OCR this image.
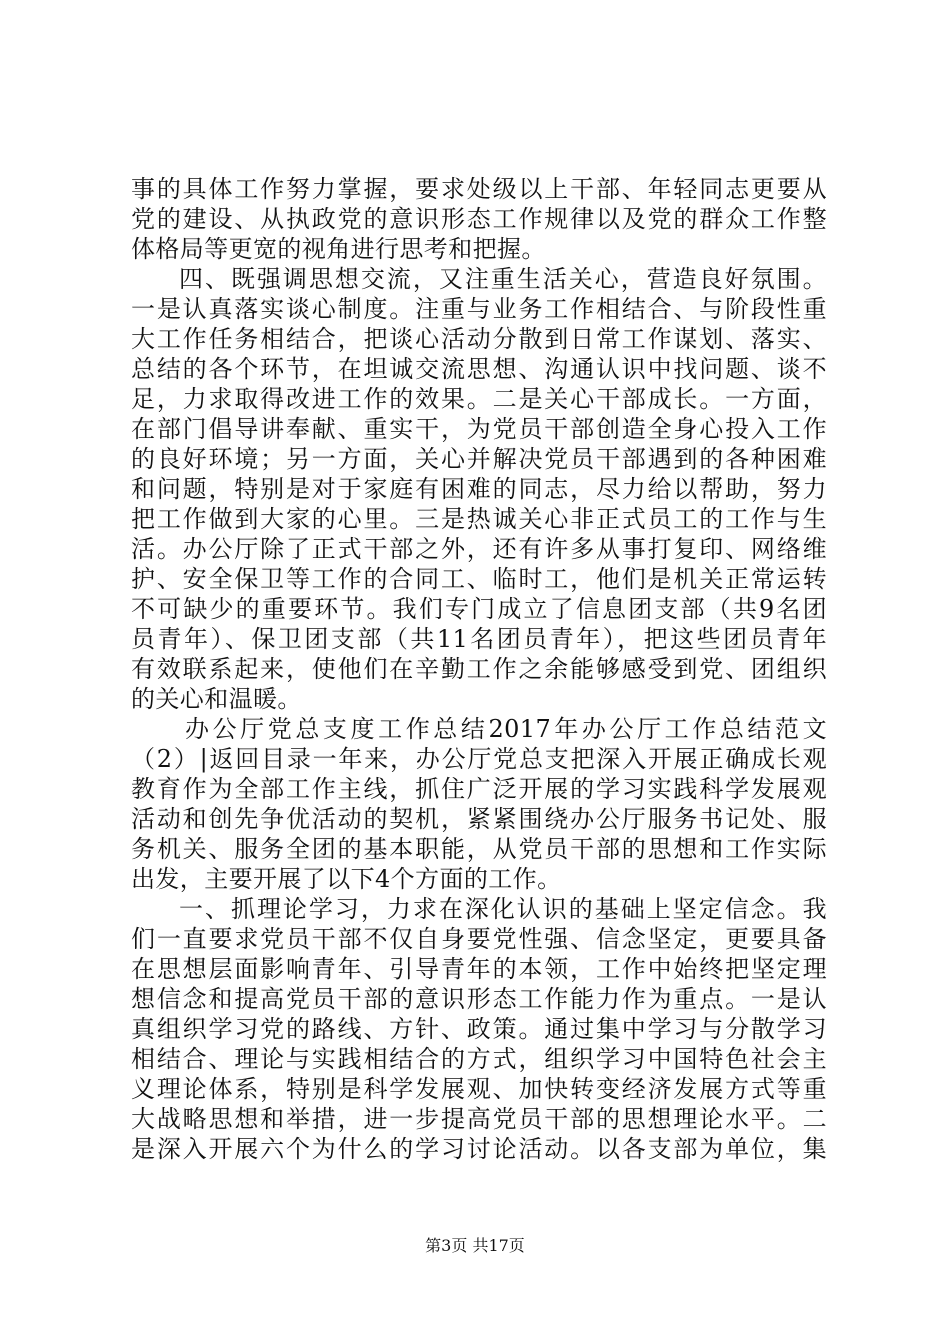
事的具体工作努力掌握，要求处级以上干部、年轻同志更要从
党的建设、从执政党的意识形态工作规律以及党的群众工作整
体格局等更宽的视角进行思考和把握。
四、既强调思想交流，又注重生活关心，营造良好氛围。
一是认真落实谈心制度。注重与业务工作相结合、与阶段性重
大工作任务相结合，把谈心活动分散到日常工作谋划、落实、
总结的各个环节，在坦诚交流思想、沟通认识中找问题、谈不
足，力求取得改进工作的效果。二是关心干部成长。一方面，
在部门倡导讲奉献、重实干，为党员干部创造全身心投入工作
的良好环境；另一方面，关心并解决党员干部遇到的各种困难
和问题，特别是对于家庭有困难的同志，尽力给以帮助，努力
把工作做到大家的心里。三是热诚关心非正式员工的工作与生
活。办公厅除了正式干部之外，还有许多从事打复印、网络维
护、安全保卫等工作的合同工、临时工，他们是机关正常运转
不可缺少的重要环节。我们专门成立了信息团支部（共9名团
员青年）、保卫团支部（共11名团员青年），把这些团员青年
有效联系起来，使他们在辛勤工作之余能够感受到党、团组织
的关心和温暖。
办公厅党总支度工作总结2017年办公厅工作总结范文
（2）|返回目录一年来，办公厅党总支把深入开展正确成长观
教育作为全部工作主线，抓住广泛开展的学习实践科学发展观
活动和创先争优活动的契机，紧紧围绕办公厅服务书记处、服
务机关、服务全团的基本职能，从党员干部的思想和工作实际
出发，主要开展了以下4个方面的工作。
一、抓理论学习，力求在深化认识的基础上坚定信念。我
们一直要求党员干部不仅自身要党性强、信念坚定，更要具备
在思想层面影响青年、引导青年的本领，工作中始终把坚定理
想信念和提高党员干部的意识形态工作能力作为重点。一是认
真组织学习党的路线、方针、政策。通过集中学习与分散学习
相结合、理论与实践相结合的方式，组织学习中国特色社会主
义理论体系，特别是科学发展观、加快转变经济发展方式等重
大战略思想和举措，进一步提高党员干部的思想理论水平。二
是深入开展六个为什么的学习讨论活动。以各支部为单位，集
第3页 共17页
